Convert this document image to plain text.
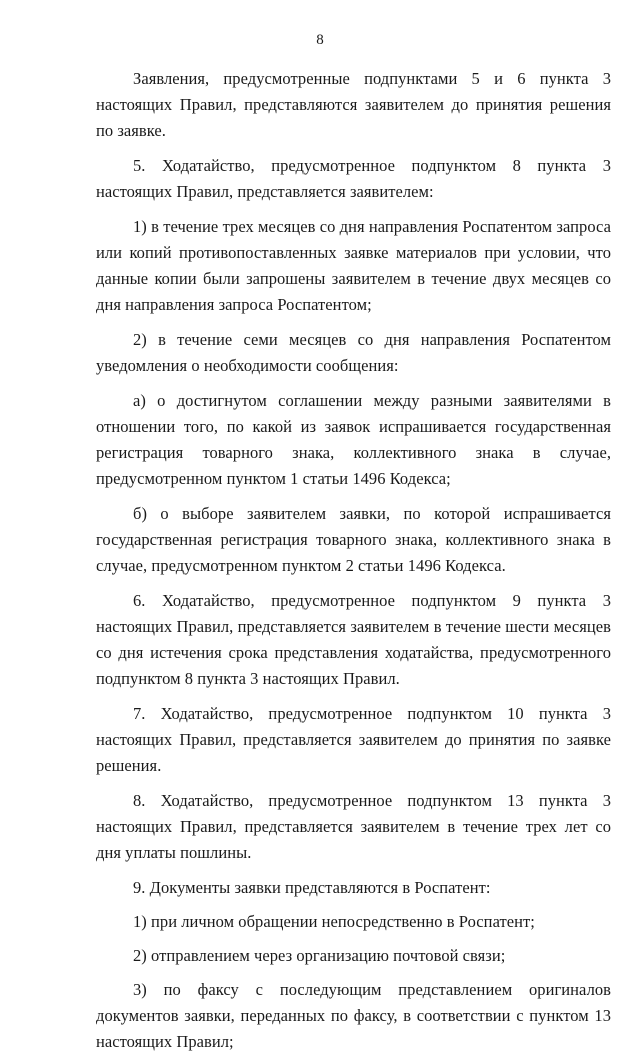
8

Заявления, предусмотренные подпунктами 5 и 6 пункта 3 настоящих Правил, представляются заявителем до принятия решения по заявке.

5. Ходатайство, предусмотренное подпунктом 8 пункта 3 настоящих Правил, представляется заявителем:

1) в течение трех месяцев со дня направления Роспатентом запроса или копий противопоставленных заявке материалов при условии, что данные копии были запрошены заявителем в течение двух месяцев со дня направления запроса Роспатентом;

2) в течение семи месяцев со дня направления Роспатентом уведомления о необходимости сообщения:

а) о достигнутом соглашении между разными заявителями в отношении того, по какой из заявок испрашивается государственная регистрация товарного знака, коллективного знака в случае, предусмотренном пунктом 1 статьи 1496 Кодекса;

б) о выборе заявителем заявки, по которой испрашивается государственная регистрация товарного знака, коллективного знака в случае, предусмотренном пунктом 2 статьи 1496 Кодекса.

6. Ходатайство, предусмотренное подпунктом 9 пункта 3 настоящих Правил, представляется заявителем в течение шести месяцев со дня истечения срока представления ходатайства, предусмотренного подпунктом 8 пункта 3 настоящих Правил.

7. Ходатайство, предусмотренное подпунктом 10 пункта 3 настоящих Правил, представляется заявителем до принятия по заявке решения.

8. Ходатайство, предусмотренное подпунктом 13 пункта 3 настоящих Правил, представляется заявителем в течение трех лет со дня уплаты пошлины.

9. Документы заявки представляются в Роспатент:

1) при личном обращении непосредственно в Роспатент;

2) отправлением через организацию почтовой связи;

3) по факсу с последующим представлением оригиналов документов заявки, переданных по факсу, в соответствии с пунктом 13 настоящих Правил;
